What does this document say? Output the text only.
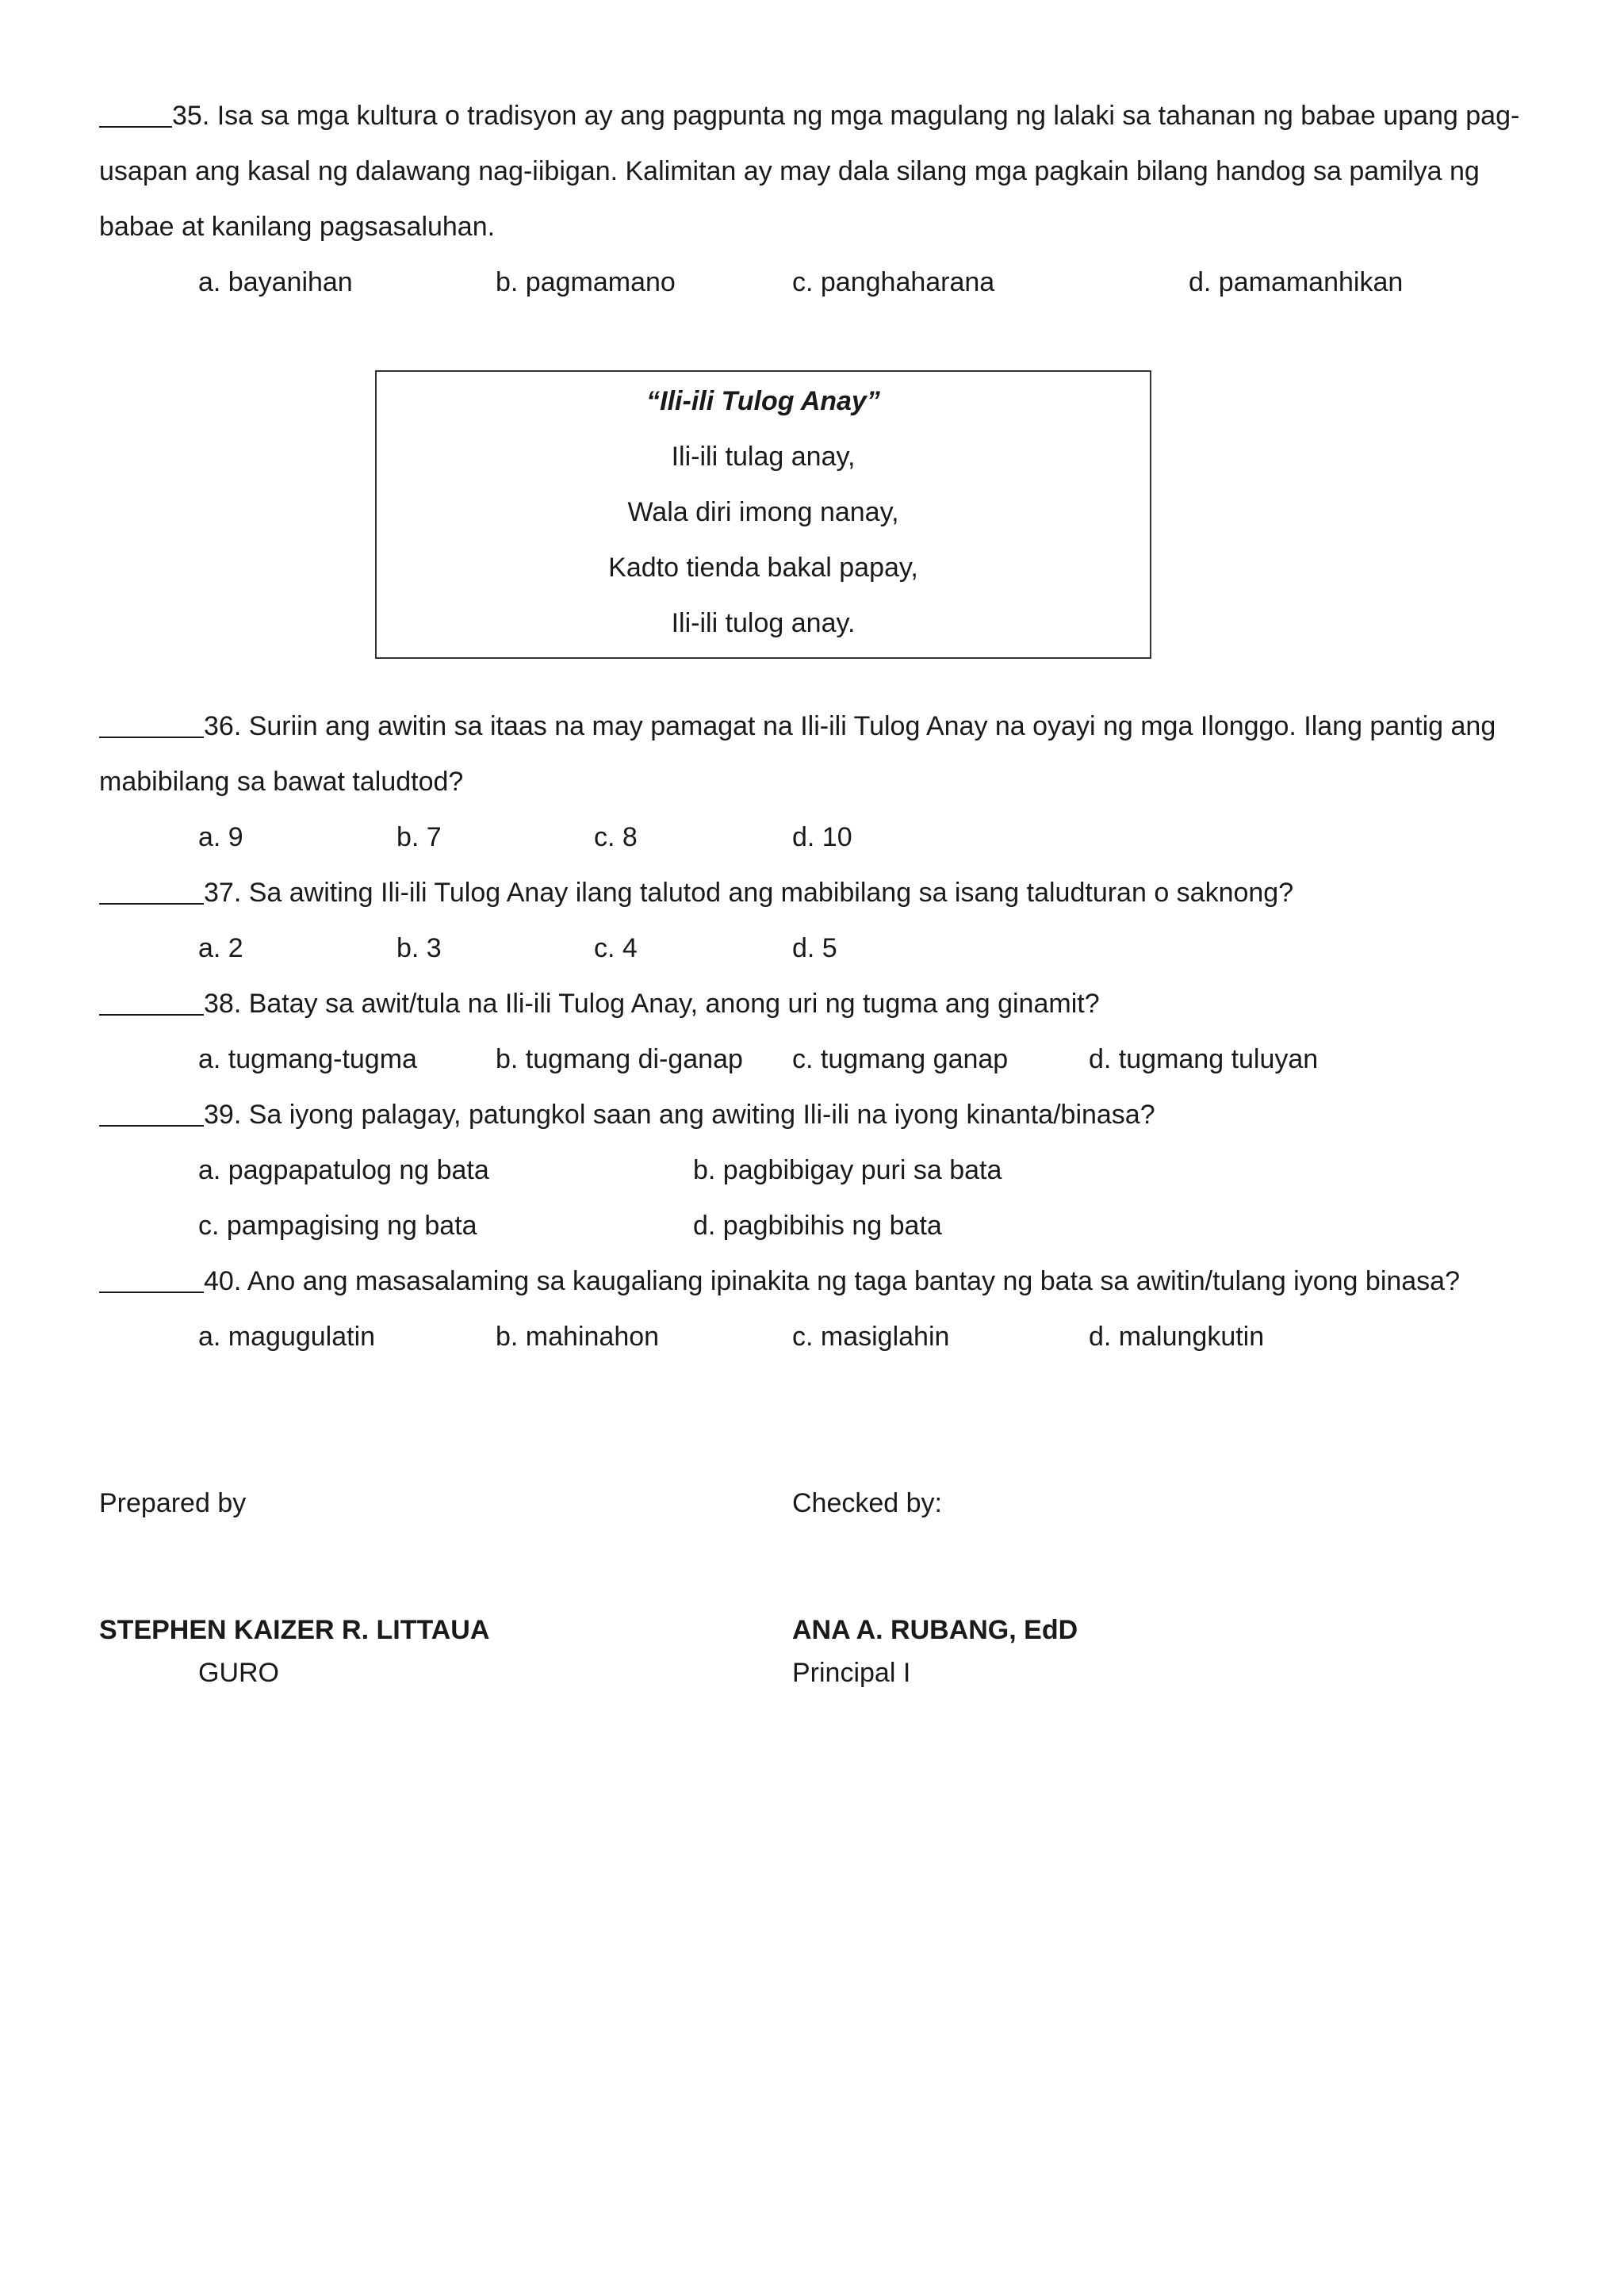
35. Isa sa mga kultura o tradisyon ay ang pagpunta ng mga magulang ng lalaki sa tahanan ng babae upang pag-
usapan ang kasal ng dalawang nag-iibigan. Kalimitan ay may dala silang mga pagkain bilang handog sa pamilya ng
babae at kanilang pagsasaluhan.
a. bayanihan	b. pagmamano	c. panghaharana	d. pamamanhikan
“Ili-ili Tulog Anay”
Ili-ili tulag anay,
Wala diri imong nanay,
Kadto tienda bakal papay,
Ili-ili tulog anay.
36. Suriin ang awitin sa itaas na may pamagat na Ili-ili Tulog Anay na oyayi ng mga Ilonggo. Ilang pantig ang
mabibilang sa bawat taludtod?
a. 9	b. 7	c. 8	d. 10
37. Sa awiting Ili-ili Tulog Anay ilang talutod ang mabibilang sa isang taludturan o saknong?
a. 2	b. 3	c. 4	d. 5
38. Batay sa awit/tula na Ili-ili Tulog Anay, anong uri ng tugma ang ginamit?
a. tugmang-tugma	b. tugmang di-ganap c. tugmang ganap	d. tugmang tuluyan
39. Sa iyong palagay, patungkol saan ang awiting Ili-ili na iyong kinanta/binasa?
a. pagpapatulog ng bata	b. pagbibigay puri sa bata
c. pampagising ng bata	d. pagbibihis ng bata
40. Ano ang masasalaming sa kaugaliang ipinakita ng taga bantay ng bata sa awitin/tulang iyong binasa?
a. magugulatin	b. mahinahon	c. masiglahin	d. malungkutin
Prepared by	Checked by:
STEPHEN KAIZER R. LITTAUA
GURO
ANA A. RUBANG, EdD
Principal I
